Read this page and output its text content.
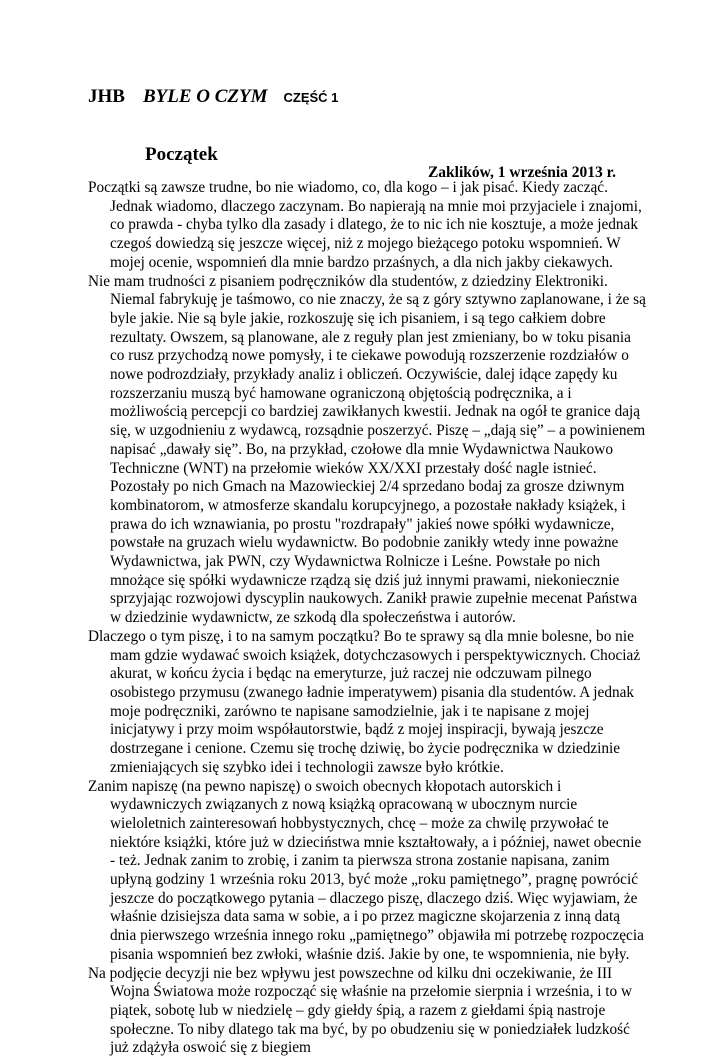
JHB BYLE O CZYM CZĘŚĆ 1
Początek
Zaklików, 1 września 2013 r.

Początki są zawsze trudne, bo nie wiadomo, co, dla kogo – i jak pisać. Kiedy zacząć. Jednak wiadomo, dlaczego zaczynam. Bo napierają na mnie moi przyjaciele i znajomi, co prawda - chyba tylko dla zasady i dlatego, że to nic ich nie kosztuje, a może jednak czegoś dowiedzą się jeszcze więcej, niż z mojego bieżącego potoku wspomnień. W mojej ocenie, wspomnień dla mnie bardzo przaśnych, a dla nich jakby ciekawych.

Nie mam trudności z pisaniem podręczników dla studentów, z dziedziny Elektroniki. Niemal fabrykuję je taśmowo, co nie znaczy, że są z góry sztywno zaplanowane, i że są byle jakie. Nie są byle jakie, rozkoszuję się ich pisaniem, i są tego całkiem dobre rezultaty. Owszem, są planowane, ale z reguły plan jest zmieniany, bo w toku pisania co rusz przychodzą nowe pomysły, i te ciekawe powodują rozszerzenie rozdziałów o nowe podrozdziały, przykłady analiz i obliczeń. Oczywiście, dalej idące zapędy ku rozszerzaniu muszą być hamowane ograniczoną objętością podręcznika, a i możliwością percepcji co bardziej zawikłanych kwestii. Jednak na ogół te granice dają się, w uzgodnieniu z wydawcą, rozsądnie poszerzyć. Piszę – „dają się” – a powinienem napisać „dawały się”. Bo, na przykład, czołowe dla mnie Wydawnictwa Naukowo Techniczne (WNT) na przełomie wieków XX/XXI przestały dość nagle istnieć. Pozostały po nich Gmach na Mazowieckiej 2/4 sprzedano bodaj za grosze dziwnym kombinatorom, w atmosferze skandalu korupcyjnego, a pozostałe nakłady książek, i prawa do ich wznawiania, po prostu "rozdrapały" jakieś nowe spółki wydawnicze, powstałe na gruzach wielu wydawnictw. Bo podobnie zanikły wtedy inne poważne Wydawnictwa, jak PWN, czy Wydawnictwa Rolnicze i Leśne. Powstałe po nich mnożące się spółki wydawnicze rządzą się dziś już innymi prawami, niekoniecznie sprzyjając rozwojowi dyscyplin naukowych. Zanikł prawie zupełnie mecenat Państwa w dziedzinie wydawnictw, ze szkodą dla społeczeństwa i autorów.

Dlaczego o tym piszę, i to na samym początku? Bo te sprawy są dla mnie bolesne, bo nie mam gdzie wydawać swoich książek, dotychczasowych i perspektywicznych. Chociaż akurat, w końcu życia i będąc na emeryturze, już raczej nie odczuwam pilnego osobistego przymusu (zwanego ładnie imperatywem) pisania dla studentów. A jednak moje podręczniki, zarówno te napisane samodzielnie, jak i te napisane z mojej inicjatywy i przy moim współautorstwie, bądź z mojej inspiracji, bywają jeszcze dostrzegane i cenione. Czemu się trochę dziwię, bo życie podręcznika w dziedzinie zmieniających się szybko idei i technologii zawsze było krótkie.

Zanim napiszę (na pewno napiszę) o swoich obecnych kłopotach autorskich i wydawniczych związanych z nową książką opracowaną w ubocznym nurcie wieloletnich zainteresowań hobbystycznych, chcę – może za chwilę przywołać te niektóre książki, które już w dzieciństwa mnie kształtowały, a i później, nawet obecnie - też. Jednak zanim to zrobię, i zanim ta pierwsza strona zostanie napisana, zanim upłyną godziny 1 września roku 2013, być może „roku pamiętnego”, pragnę powrócić jeszcze do początkowego pytania – dlaczego piszę, dlaczego dziś. Więc wyjawiam, że właśnie dzisiejsza data sama w sobie, a i po przez magiczne skojarzenia z inną datą dnia pierwszego września innego roku „pamiętnego” objawiła mi potrzebę rozpoczęcia pisania wspomnień bez zwłoki, właśnie dziś. Jakie by one, te wspomnienia, nie były.

Na podjęcie decyzji nie bez wpływu jest powszechne od kilku dni oczekiwanie, że III Wojna Światowa może rozpocząć się właśnie na przełomie sierpnia i września, i to w piątek, sobotę lub w niedzielę – gdy giełdy śpią, a razem z giełdami śpią nastroje społeczne. To niby dlatego tak ma być, by po obudzeniu się w poniedziałek ludzkość już zdążyła oswoić się z biegiem
